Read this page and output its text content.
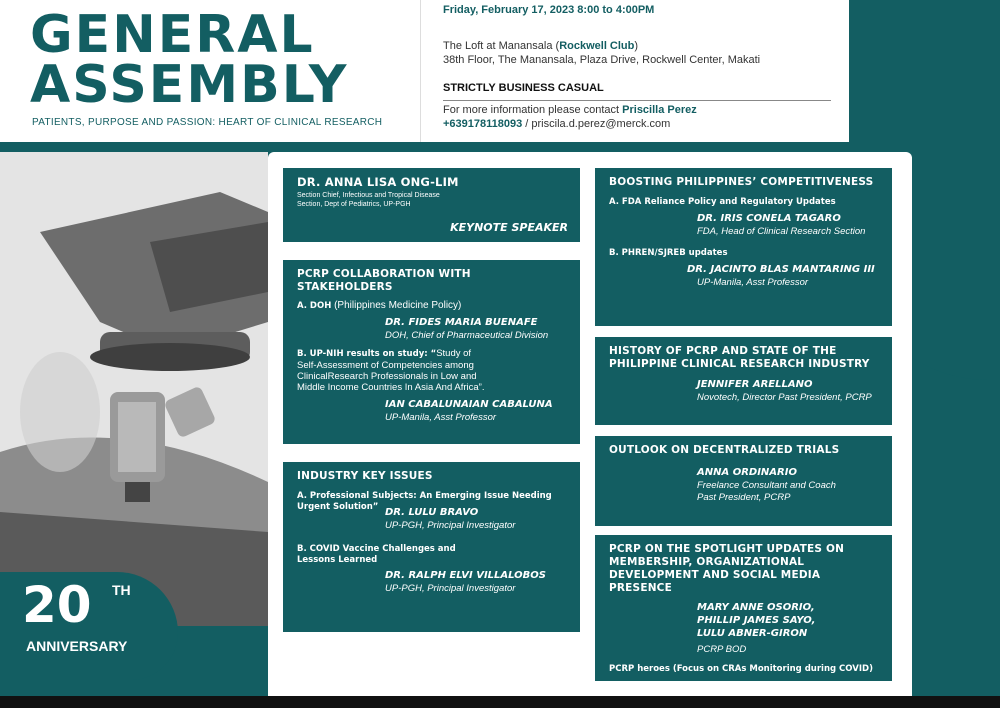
GENERAL
ASSEMBLY
PATIENTS, PURPOSE AND PASSION: HEART OF CLINICAL RESEARCH
Friday, February 17, 2023 8:00 to 4:00PM
The Loft at Manansala (Rockwell Club)
38th Floor, The Manansala, Plaza Drive, Rockwell Center, Makati
STRICTLY BUSINESS CASUAL
For more information please contact Priscilla Perez
+639178118093 / priscila.d.perez@merck.com
20 TH
ANNIVERSARY
DR. ANNA LISA ONG-LIM
Section Chief, Infectious and Tropical Disease
Section, Dept of Pediatrics, UP-PGH
KEYNOTE SPEAKER
PCRP COLLABORATION WITH STAKEHOLDERS
A. DOH (Philippines Medicine Policy)
DR. FIDES MARIA BUENAFE
DOH, Chief of Pharmaceutical Division
B. UP-NIH results on study: “Study of
Self-Assessment of Competencies among
ClinicalResearch Professionals in Low and
Middle Income Countries In Asia And Africa”.
IAN CABALUNAIAN CABALUNA
UP-Manila, Asst Professor
INDUSTRY KEY ISSUES
A. Professional Subjects: An Emerging Issue Needing
Urgent Solution” DR. LULU BRAVO
UP-PGH, Principal Investigator
B. COVID Vaccine Challenges and
Lessons Learned
DR. RALPH ELVI VILLALOBOS
UP-PGH, Principal Investigator
BOOSTING PHILIPPINES’ COMPETITIVENESS
A. FDA Reliance Policy and Regulatory Updates
DR. IRIS CONELA TAGARO
FDA, Head of Clinical Research Section
B. PHREN/SJREB updates
DR. JACINTO BLAS MANTARING III
UP-Manila, Asst Professor
HISTORY OF PCRP AND STATE OF THE
PHILIPPINE CLINICAL RESEARCH INDUSTRY
JENNIFER ARELLANO
Novotech, Director Past President, PCRP
OUTLOOK ON DECENTRALIZED TRIALS
ANNA ORDINARIO
Freelance Consultant and Coach
Past President, PCRP
PCRP ON THE SPOTLIGHT UPDATES ON
MEMBERSHIP, ORGANIZATIONAL
DEVELOPMENT AND SOCIAL MEDIA PRESENCE
MARY ANNE OSORIO,
PHILLIP JAMES SAYO,
LULU ABNER-GIRON
PCRP BOD
PCRP heroes (Focus on CRAs Monitoring during COVID)
